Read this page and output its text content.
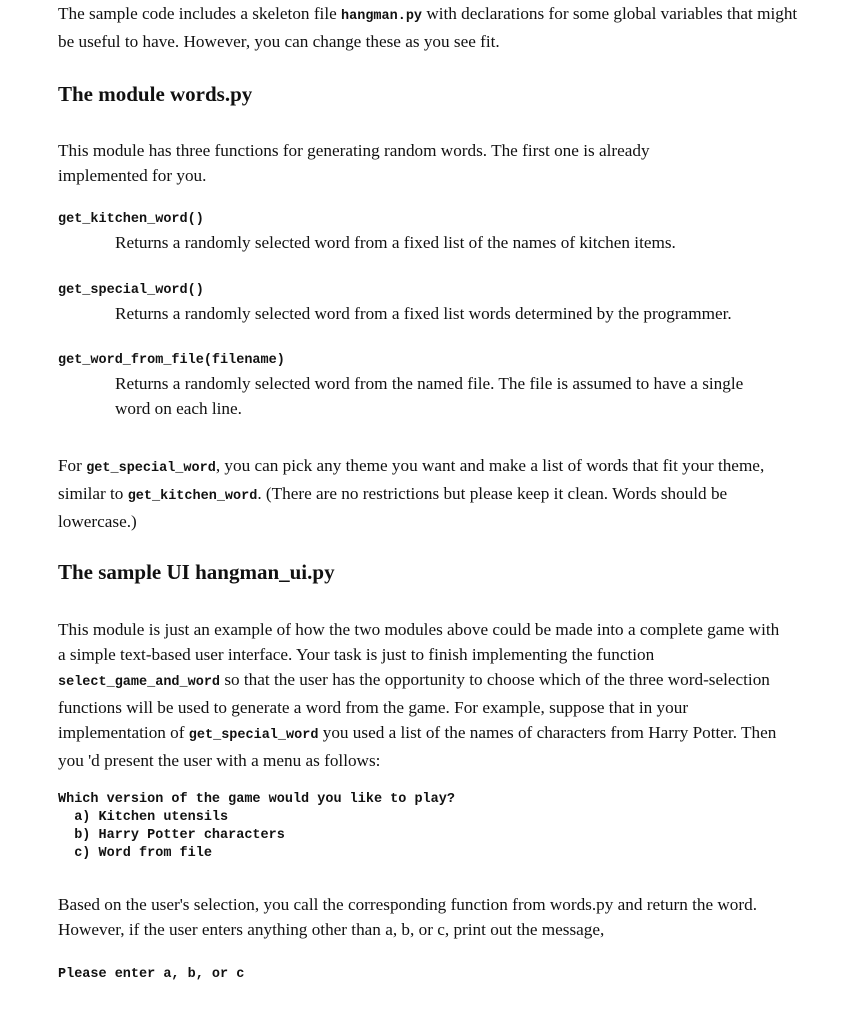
The sample code includes a skeleton file hangman.py with declarations for some global variables that might be useful to have. However, you can change these as you see fit.

The module words.py

This module has three functions for generating random words. The first one is already implemented for you.

get_kitchen_word()

Returns a randomly selected word from a fixed list of the names of kitchen items.

get_special_word()

Returns a randomly selected word from a fixed list words determined by the programmer.

get_word_from_file(filename)

Returns a randomly selected word from the named file. The file is assumed to have a single word on each line.

For get_special_word, you can pick any theme you want and make a list of words that fit your theme, similar to get_kitchen_word. (There are no restrictions but please keep it clean. Words should be lowercase.)

The sample UI hangman_ui.py

This module is just an example of how the two modules above could be made into a complete game with a simple text-based user interface. Your task is just to finish implementing the function select_game_and_word so that the user has the opportunity to choose which of the three word-selection functions will be used to generate a word from the game. For example, suppose that in your implementation of get_special_word you used a list of the names of characters from Harry Potter. Then you 'd present the user with a menu as follows:

Which version of the game would you like to play?

a) Kitchen utensils

b) Harry Potter characters

c) Word from file

Based on the user's selection, you call the corresponding function from words.py and return the word. However, if the user enters anything other than a, b, or c, print out the message,

Please enter a, b, or c
